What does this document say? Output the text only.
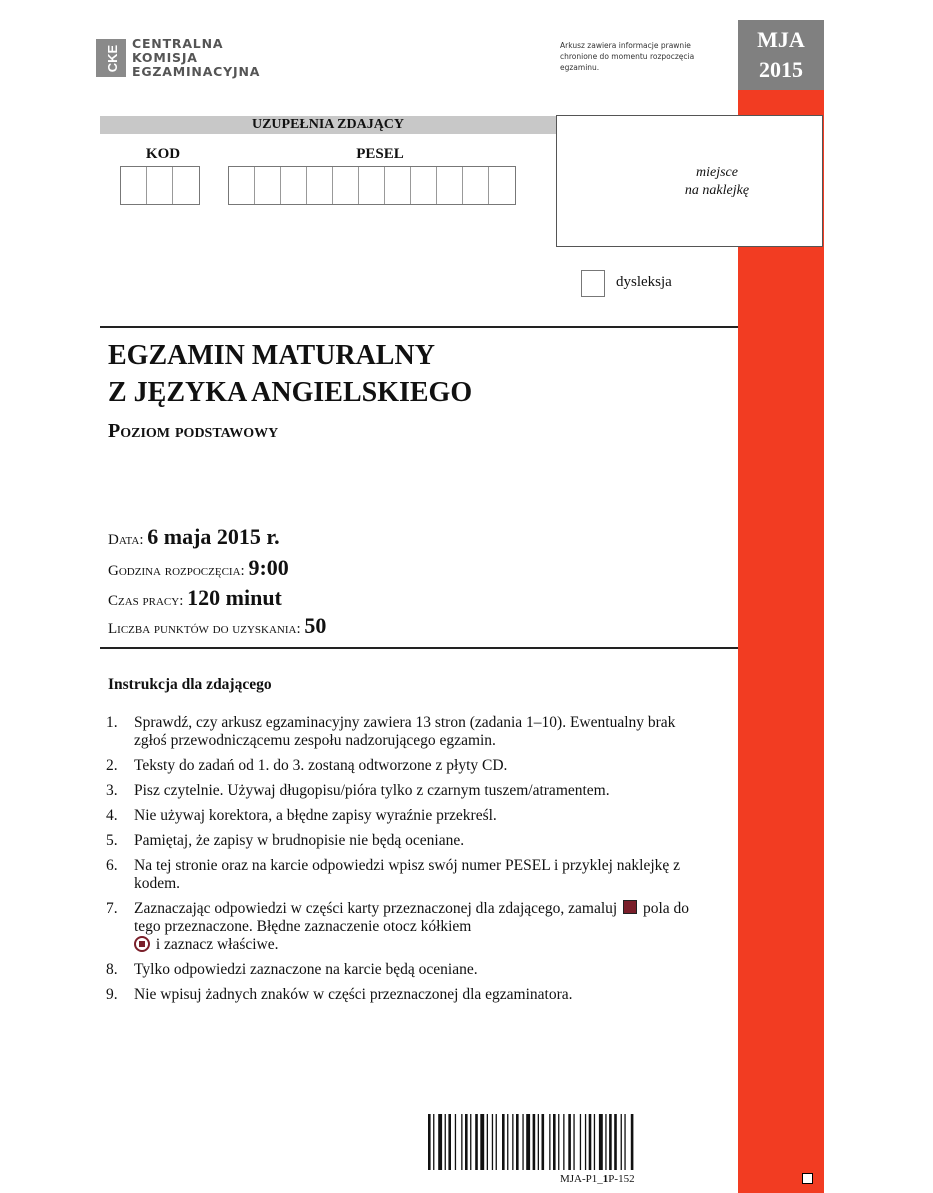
CKE
CENTRALNA
KOMISJA
EGZAMINACYJNA
Arkusz zawiera informacje prawnie chronione do momentu rozpoczęcia egzaminu.
MJA
2015
UZUPEŁNIA ZDAJĄCY
KOD	PESEL
miejsce
na naklejkę
dysleksja
EGZAMIN MATURALNY
Z JĘZYKA ANGIELSKIEGO
Poziom podstawowy
Data: 6 maja 2015 r.
Godzina rozpoczęcia: 9:00
Czas pracy: 120 minut
Liczba punktów do uzyskania: 50
Instrukcja dla zdającego
1.	Sprawdź, czy arkusz egzaminacyjny zawiera 13 stron (zadania 1–10). Ewentualny brak zgłoś przewodniczącemu zespołu nadzorującego egzamin.
2.	Teksty do zadań od 1. do 3. zostaną odtworzone z płyty CD.
3.	Pisz czytelnie. Używaj długopisu/pióra tylko z czarnym tuszem/atramentem.
4.	Nie używaj korektora, a błędne zapisy wyraźnie przekreśl.
5.	Pamiętaj, że zapisy w brudnopisie nie będą oceniane.
6.	Na tej stronie oraz na karcie odpowiedzi wpisz swój numer PESEL i przyklej naklejkę z kodem.
7.	Zaznaczając odpowiedzi w części karty przeznaczonej dla zdającego, zamaluj pola do tego przeznaczone. Błędne zaznaczenie otocz kółkiem
i zaznacz właściwe.
8.	Tylko odpowiedzi zaznaczone na karcie będą oceniane.
9.	Nie wpisuj żadnych znaków w części przeznaczonej dla egzaminatora.
MJA-P1_1P-152
